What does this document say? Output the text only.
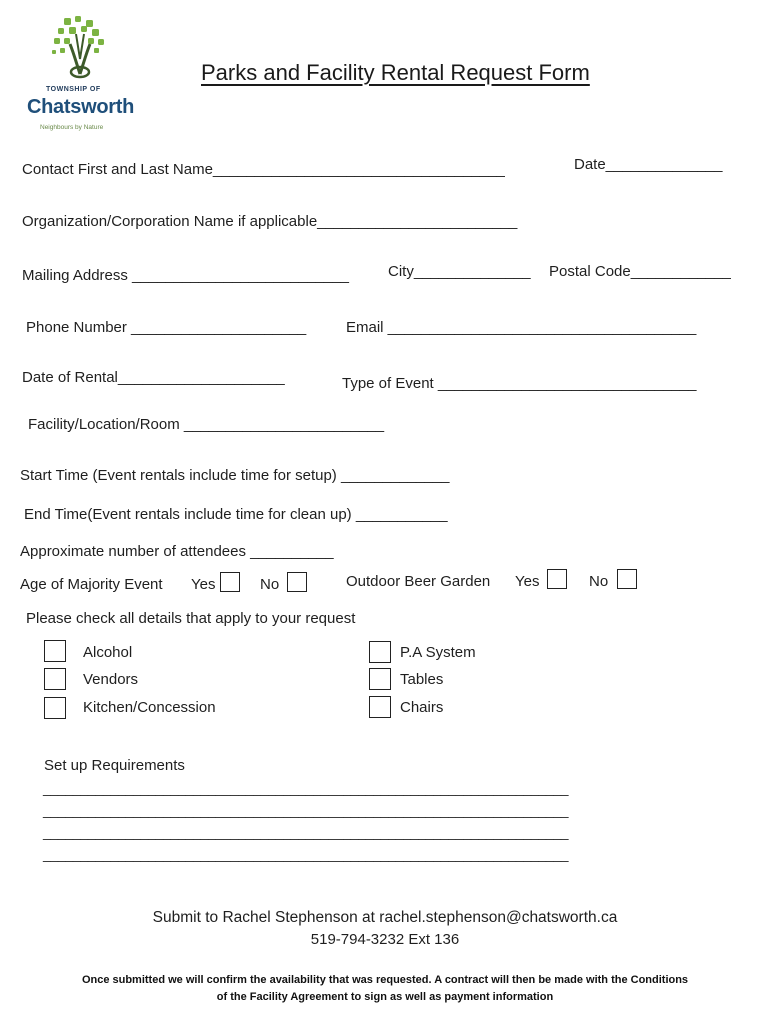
TOWNSHIP OF
Chatsworth
Neighbours by Nature
Parks and Facility Rental Request Form
Contact First and Last Name___________________________________	Date______________
Organization/Corporation Name if applicable________________________
Mailing Address __________________________	City______________ Postal Code____________
Phone Number _____________________	Email _____________________________________
Date of Rental____________________	Type of Event _______________________________
Facility/Location/Room ________________________
Start Time (Event rentals include time for setup) _____________
End Time(Event rentals include time for clean up) ___________
Approximate number of attendees __________
Age of Majority Event Yes	No	Outdoor Beer Garden Yes	No
Please check all details that apply to your request
Alcohol
Vendors
Kitchen/Concession
P.A System
Tables
Chairs
Set up Requirements
______________________________________________________________________
______________________________________________________________________
______________________________________________________________________
______________________________________________________________________
Submit to Rachel Stephenson at rachel.stephenson@chatsworth.ca
519-794-3232 Ext 136
Once submitted we will confirm the availability that was requested. A contract will then be made with the Conditions
of the Facility Agreement to sign as well as payment information
